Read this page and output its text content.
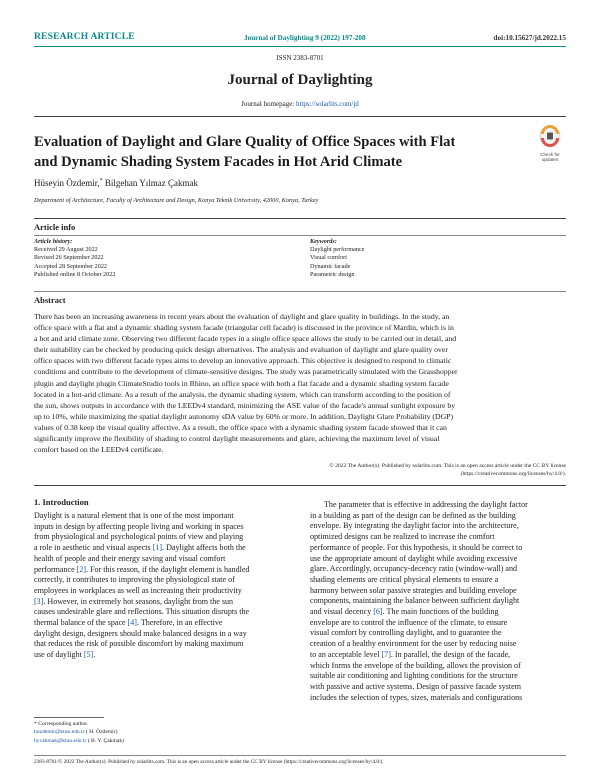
RESEARCH ARTICLE	Journal of Daylighting 9 (2022) 197-208	doi:10.15627/jd.2022.15
ISSN 2383-8701
Journal of Daylighting
Journal homepage: https://solarlits.com/jd
Evaluation of Daylight and Glare Quality of Office Spaces with Flat
and Dynamic Shading System Facades in Hot Arid Climate	Check for updates
Hüseyin Özdemir,* Bilgehan Yılmaz Çakmak
Department of Architecture, Faculty of Architecture and Design, Konya Teknik University, 42000, Konya, Turkey
Article info
Article history:
Received 29 August 2022
Revised 26 September 2022
Accepted 28 September 2022
Published online 8 October 2022
Keywords:
Daylight performance
Visual comfort
Dynamic facade
Parametric design
Abstract
There has been an increasing awareness in recent years about the evaluation of daylight and glare quality in buildings. In the study, an
office space with a flat and a dynamic shading system facade (triangular cell facade) is discussed in the province of Mardin, which is in
a hot and arid climate zone. Observing two different facade types in a single office space allows the study to be carried out in detail, and
their suitability can be checked by producing quick design alternatives. The analysis and evaluation of daylight and glare quality over
office spaces with two different facade types aims to develop an innovative approach. This objective is designed to respond to climatic
conditions and contribute to the development of climate-sensitive designs. The study was parametrically simulated with the Grasshopper
plugin and daylight plugin ClimateStudio tools in Rhino, an office space with both a flat facade and a dynamic shading system facade
located in a hot-arid climate. As a result of the analysis, the dynamic shading system, which can transform according to the position of
the sun, shows outputs in accordance with the LEEDv4 standard, minimizing the ASE value of the facade's annual sunlight exposure by
up to 10%, while maximizing the spatial daylight autonomy sDA value by 60% or more. In addition, Daylight Glare Probability (DGP)
values of 0.38 keep the visual quality affective. As a result, the office space with a dynamic shading system facade showed that it can
significantly improve the flexibility of shading to control daylight measurements and glare, achieving the maximum level of visual
comfort based on the LEEDv4 certificate.
© 2022 The Author(s). Published by solarlits.com. This is an open access article under the CC BY license
(https://creativecommons.org/licenses/by/4.0/).
1. Introduction
Daylight is a natural element that is one of the most important
inputs in design by affecting people living and working in spaces
from physiological and psychological points of view and playing
a role in aesthetic and visual aspects [1]. Daylight affects both the
health of people and their energy saving and visual comfort
performance [2]. For this reason, if the daylight element is handled
correctly, it contributes to improving the physiological state of
employees in workplaces as well as increasing their productivity
[3]. However, in extremely hot seasons, daylight from the sun
causes undesirable glare and reflections. This situation disrupts the
thermal balance of the space [4]. Therefore, in an effective
daylight design, designers should make balanced designs in a way
that reduces the risk of possible discomfort by making maximum
use of daylight [5].
The parameter that is effective in addressing the daylight factor
in a building as part of the design can be defined as the building
envelope. By integrating the daylight factor into the architecture,
optimized designs can be realized to increase the comfort
performance of people. For this hypothesis, it should be correct to
use the appropriate amount of daylight while avoiding excessive
glare. Accordingly, occupancy-decency ratio (window-wall) and
shading elements are critical physical elements to ensure a
harmony between solar passive strategies and building envelope
components, maintaining the balance between sufficient daylight
and visual decency [6]. The main functions of the building
envelope are to control the influence of the climate, to ensure
visual comfort by controlling daylight, and to guarantee the
creation of a healthy environment for the user by reducing noise
to an acceptable level [7]. In parallel, the design of the facade,
which forms the envelope of the building, allows the provision of
suitable air conditioning and lighting conditions for the structure
with passive and active systems. Design of passive facade system
includes the selection of types, sizes, materials and configurations
* Corresponding author.
hozdemir@ktun.edu.tr ( H. Özdemir)
bycakmak@ktun.edu.tr ( B. Y. Çakmak)
2383-8701/© 2022 The Author(s). Published by solarlits.com. This is an open access article under the CC BY license (https://creativecommons.org/licenses/by/4.0/).
